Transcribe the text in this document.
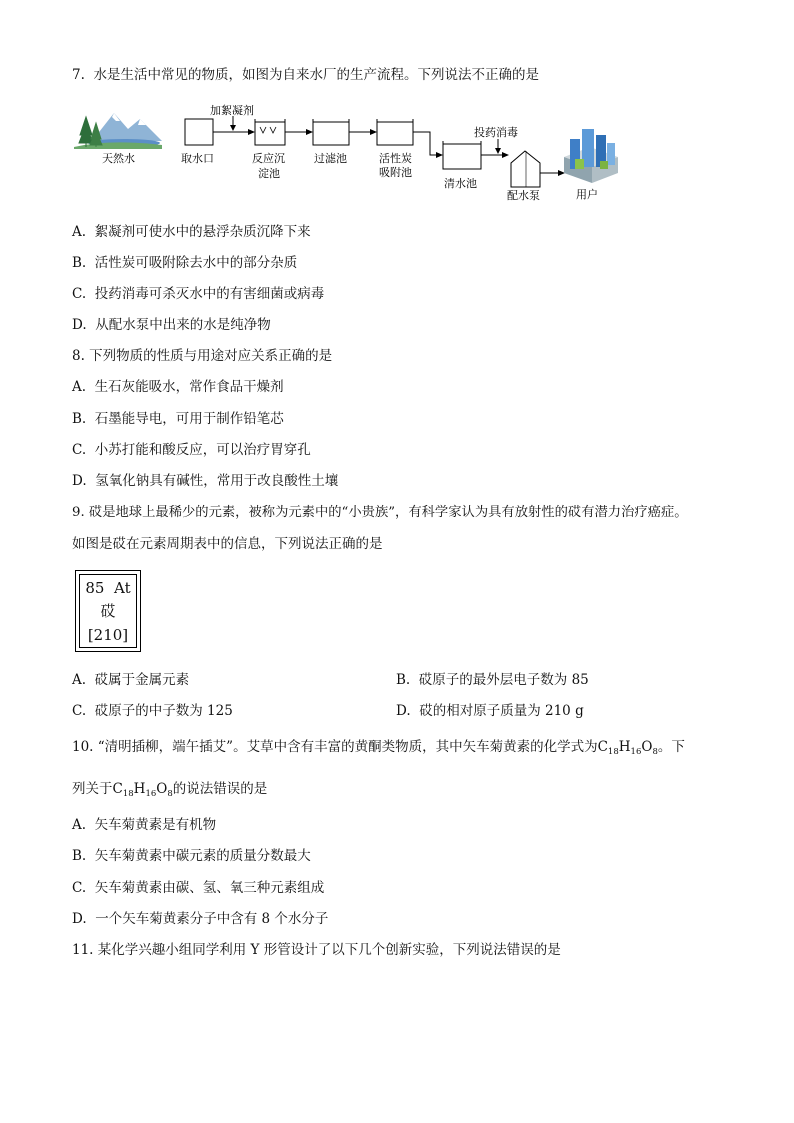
7.  水是生活中常见的物质，如图为自来水厂的生产流程。下列说法不正确的是
天然水	取水口
加絮凝剂
反应沉
淀池
过滤池	活性炭
吸附池
清水池
投药消毒
配水泵	用户
A.  絮凝剂可使水中的悬浮杂质沉降下来
B.  活性炭可吸附除去水中的部分杂质
C.  投药消毒可杀灭水中的有害细菌或病毒
D.  从配水泵中出来的水是纯净物
8. 下列物质的性质与用途对应关系正确的是
A.  生石灰能吸水，常作食品干燥剂
B.  石墨能导电，可用于制作铅笔芯
C.  小苏打能和酸反应，可以治疗胃穿孔
D.  氢氧化钠具有碱性，常用于改良酸性土壤
9. 砹是地球上最稀少的元素，被称为元素中的“小贵族”，有科学家认为具有放射性的砹有潜力治疗癌症。
如图是砹在元素周期表中的信息，下列说法正确的是
85  At
砹
[210]
A.  砹属于金属元素	B.  砹原子的最外层电子数为 85
C.  砹原子的中子数为 125	D.  砹的相对原子质量为 210 g
10. “清明插柳，端午插艾”。艾草中含有丰富的黄酮类物质，其中矢车菊黄素的化学式为$C_{18}H_{16}O_8$。下
列关于$C_{18}H_{16}O_8$的说法错误的是
A.  矢车菊黄素是有机物
B.  矢车菊黄素中碳元素的质量分数最大
C.  矢车菊黄素由碳、氢、氧三种元素组成
D.  一个矢车菊黄素分子中含有 8 个水分子
11. 某化学兴趣小组同学利用 Y 形管设计了以下几个创新实验，下列说法错误的是
